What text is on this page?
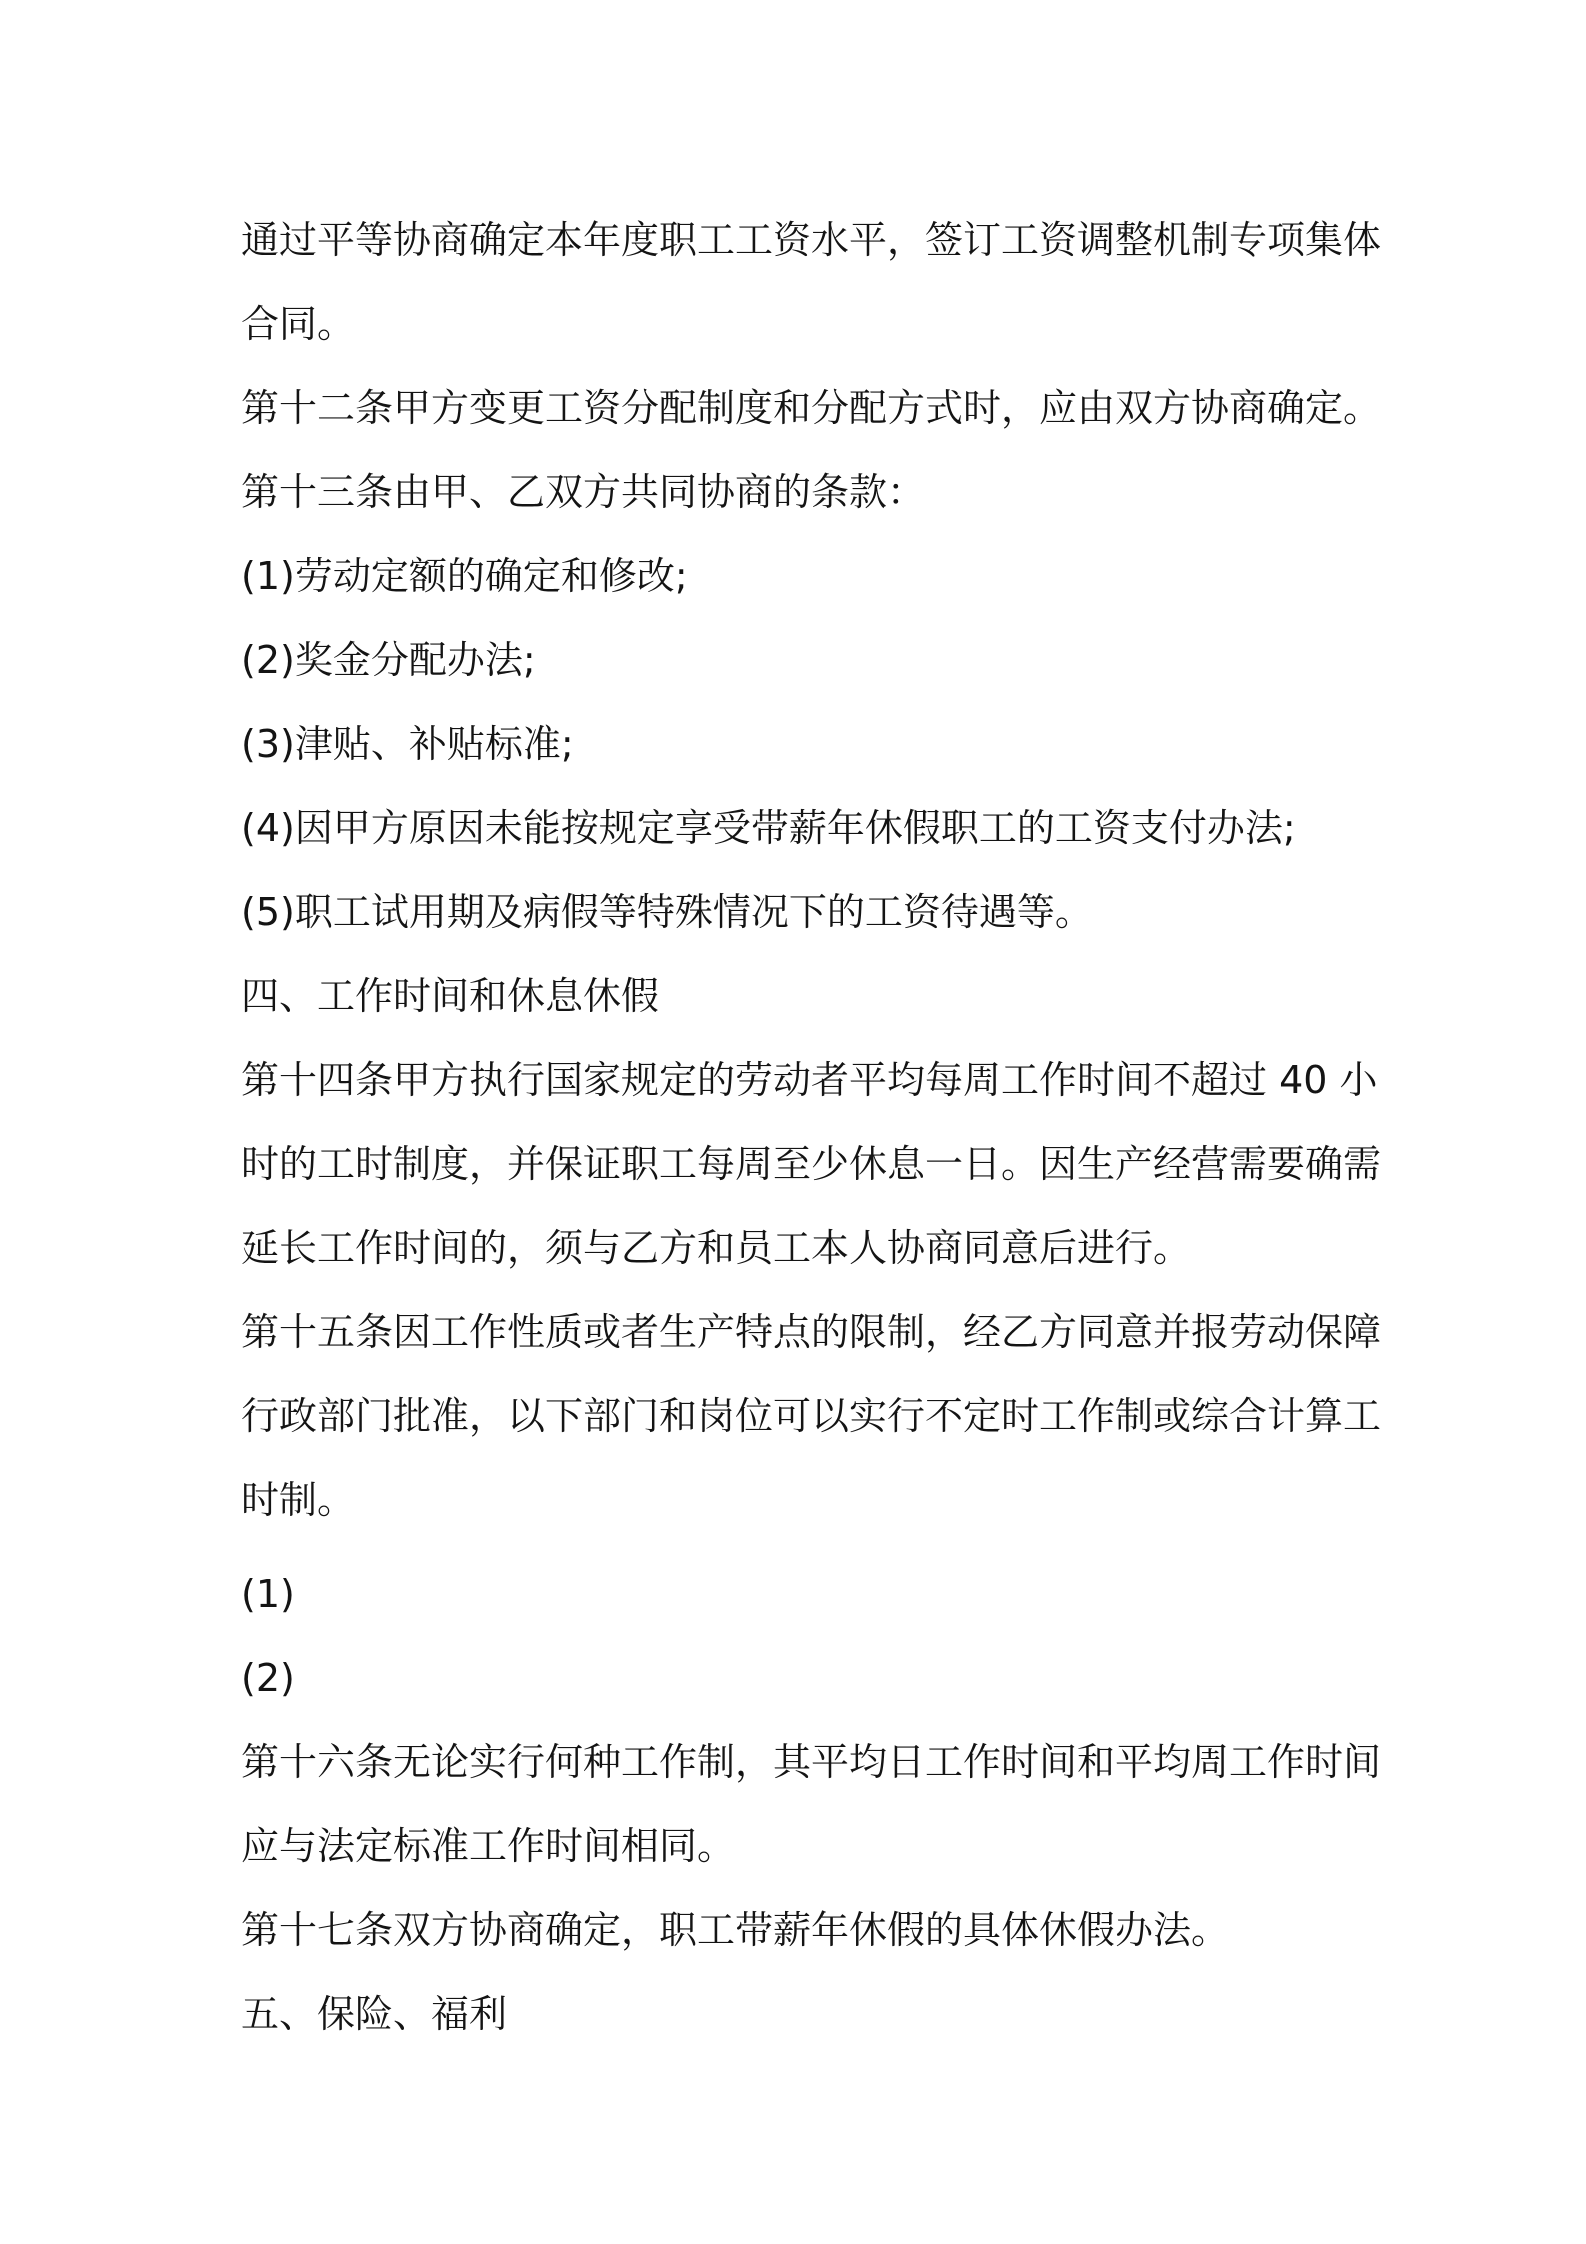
通过平等协商确定本年度职工工资水平，签订工资调整机制专项集体
合同。
第十二条甲方变更工资分配制度和分配方式时，应由双方协商确定。
第十三条由甲、乙双方共同协商的条款：
(1)劳动定额的确定和修改;
(2)奖金分配办法;
(3)津贴、补贴标准;
(4)因甲方原因未能按规定享受带薪年休假职工的工资支付办法;
(5)职工试用期及病假等特殊情况下的工资待遇等。
四、工作时间和休息休假
第十四条甲方执行国家规定的劳动者平均每周工作时间不超过 40 小
时的工时制度，并保证职工每周至少休息一日。因生产经营需要确需
延长工作时间的，须与乙方和员工本人协商同意后进行。
第十五条因工作性质或者生产特点的限制，经乙方同意并报劳动保障
行政部门批准，以下部门和岗位可以实行不定时工作制或综合计算工
时制。
(1)
(2)
第十六条无论实行何种工作制，其平均日工作时间和平均周工作时间
应与法定标准工作时间相同。
第十七条双方协商确定，职工带薪年休假的具体休假办法。
五、保险、福利
